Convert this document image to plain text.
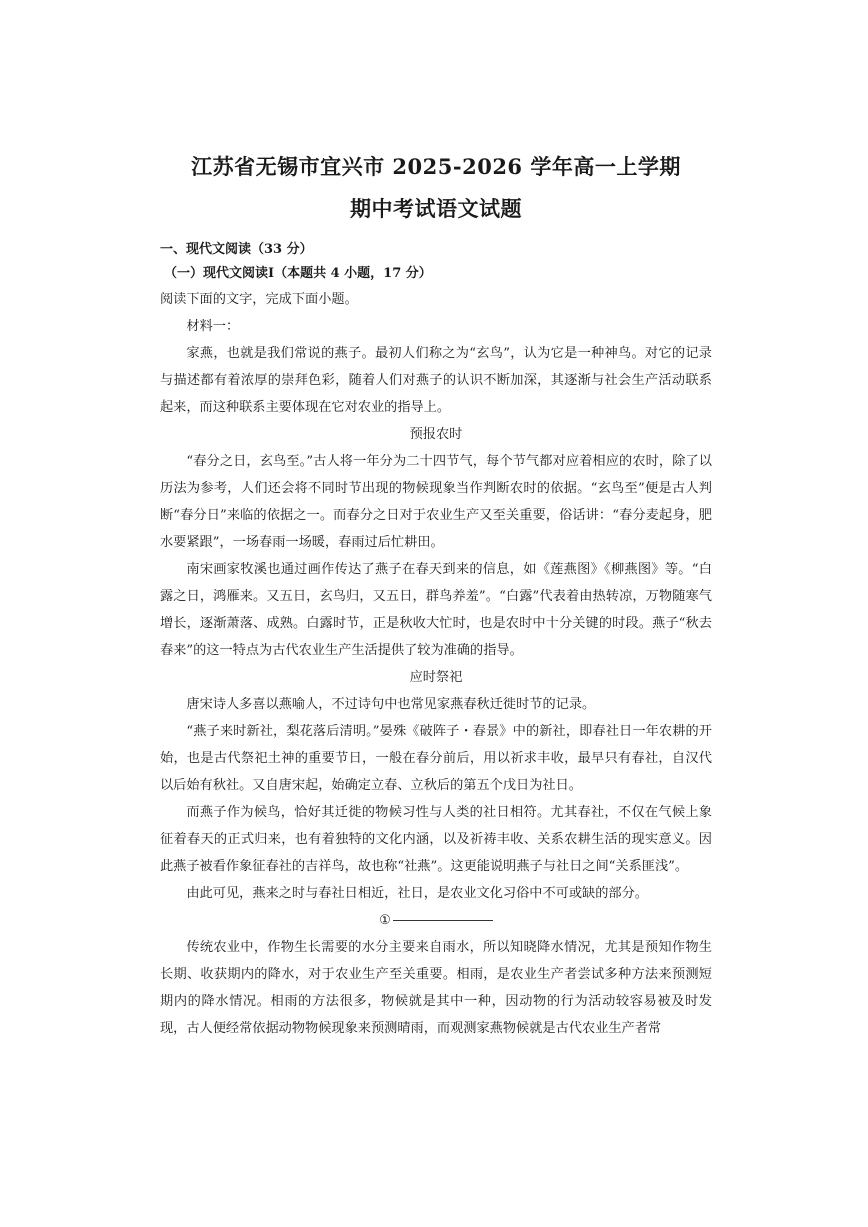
江苏省无锡市宜兴市 2025-2026 学年高一上学期

期中考试语文试题

一、现代文阅读（33 分）

（一）现代文阅读Ⅰ（本题共 4 小题，17 分）

阅读下面的文字，完成下面小题。

材料一：

家燕，也就是我们常说的燕子。最初人们称之为“玄鸟”，认为它是一种神鸟。对它的记录与描述都有着浓厚的崇拜色彩，随着人们对燕子的认识不断加深，其逐渐与社会生产活动联系起来，而这种联系主要体现在它对农业的指导上。

预报农时

“春分之日，玄鸟至。”古人将一年分为二十四节气，每个节气都对应着相应的农时，除了以历法为参考，人们还会将不同时节出现的物候现象当作判断农时的依据。“玄鸟至”便是古人判断“春分日”来临的依据之一。而春分之日对于农业生产又至关重要，俗话讲：“春分麦起身，肥水要紧跟”，一场春雨一场暖，春雨过后忙耕田。

南宋画家牧溪也通过画作传达了燕子在春天到来的信息，如《莲燕图》《柳燕图》等。“白露之日，鸿雁来。又五日，玄鸟归，又五日，群鸟养羞”。“白露”代表着由热转凉，万物随寒气增长，逐渐萧落、成熟。白露时节，正是秋收大忙时，也是农时中十分关键的时段。燕子“秋去春来”的这一特点为古代农业生产生活提供了较为准确的指导。

应时祭祀

唐宋诗人多喜以燕喻人，不过诗句中也常见家燕春秋迁徙时节的记录。

“燕子来时新社，梨花落后清明。”晏殊《破阵子・春景》中的新社，即春社日一年农耕的开始，也是古代祭祀土神的重要节日，一般在春分前后，用以祈求丰收，最早只有春社，自汉代以后始有秋社。又自唐宋起，始确定立春、立秋后的第五个戊日为社日。

而燕子作为候鸟，恰好其迁徙的物候习性与人类的社日相符。尤其春社，不仅在气候上象征着春天的正式归来，也有着独特的文化内涵，以及祈祷丰收、关系农耕生活的现实意义。因此燕子被看作象征春社的吉祥鸟，故也称“社燕”。这更能说明燕子与社日之间“关系匪浅”。

由此可见，燕来之时与春社日相近，社日，是农业文化习俗中不可或缺的部分。

①

传统农业中，作物生长需要的水分主要来自雨水，所以知晓降水情况，尤其是预知作物生长期、收获期内的降水，对于农业生产至关重要。相雨，是农业生产者尝试多种方法来预测短期内的降水情况。相雨的方法很多，物候就是其中一种，因动物的行为活动较容易被及时发现，古人便经常依据动物物候现象来预测晴雨，而观测家燕物候就是古代农业生产者常
